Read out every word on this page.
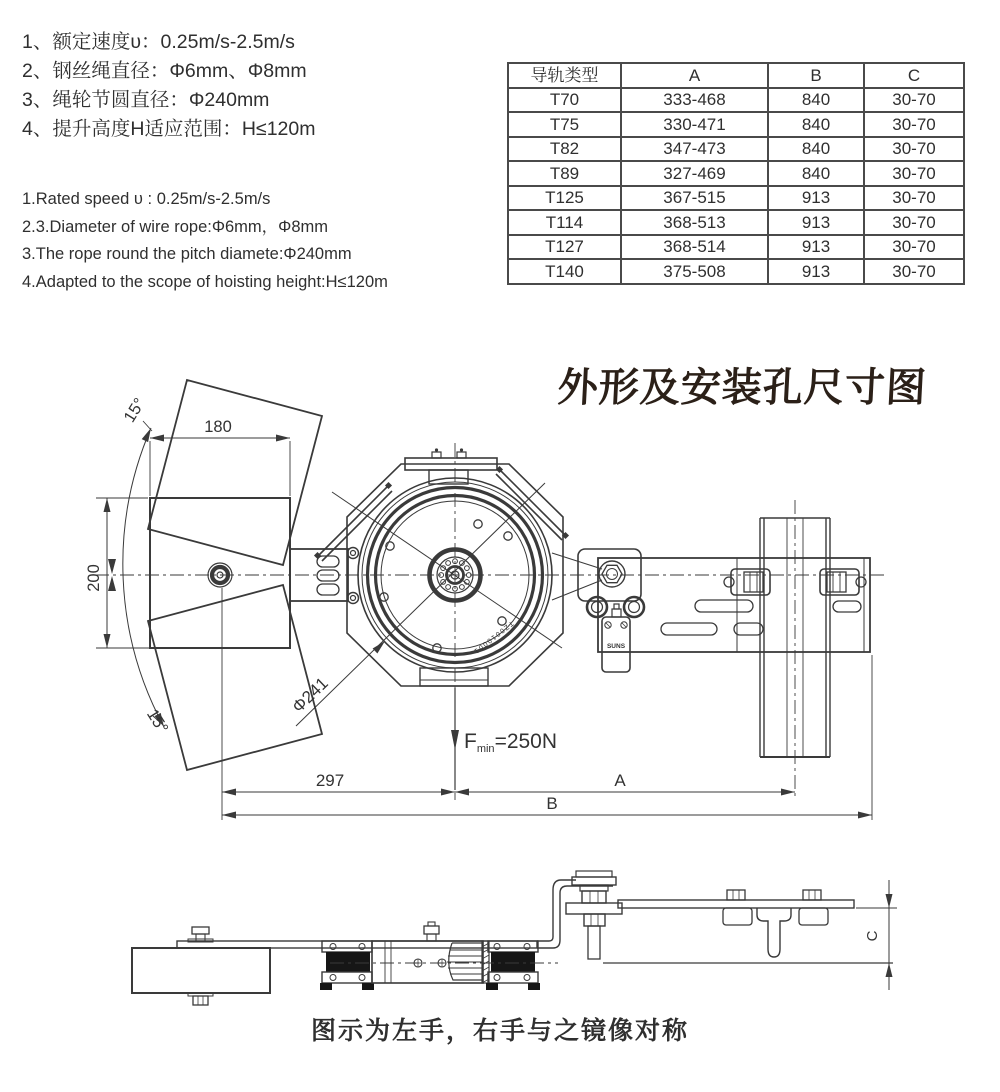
1、额定速度υ：0.25m/s-2.5m/s
2、钢丝绳直径：Φ6mm、Φ8mm
3、绳轮节圆直径：Φ240mm
4、提升高度H适应范围：H≤120m
1.Rated speed υ : 0.25m/s-2.5m/s
2.3.Diameter of wire rope:Φ6mm，Φ8mm
3.The rope round the pitch diamete:Φ240mm
4.Adapted to the scope of hoisting height:H≤120m
导轨类型	A	B	C
T70	333-468	840	30-70
T75	330-471	840	30-70
T82	347-473	840	30-70
T89	327-469	840	30-70
T125	367-515	913	30-70
T114	368-513	913	30-70
T127	368-514	913	30-70
T140	375-508	913	30-70
外形及安装孔尺寸图
TZ0010001	SUNS
180
200
15°
15°
Φ241
Fmin=250N
297	A
B
C
图示为左手，右手与之镜像对称
